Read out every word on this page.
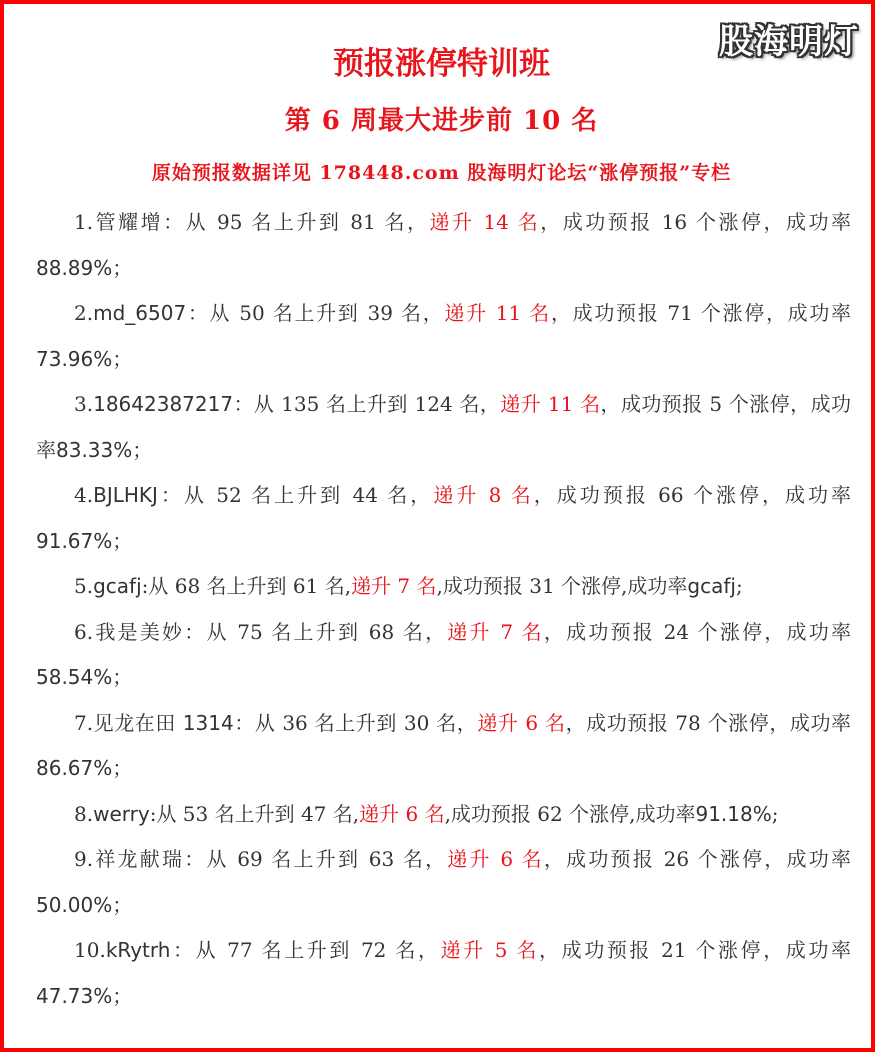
股海明灯
预报涨停特训班
第 6 周最大进步前 10 名
原始预报数据详见 178448.com 股海明灯论坛“涨停预报”专栏

1.管耀增：从 95 名上升到 81 名，递升 14 名，成功预报 16 个涨停，成功率88.89%；

2.md_6507：从 50 名上升到 39 名，递升 11 名，成功预报 71 个涨停，成功率73.96%；

3.18642387217：从 135 名上升到 124 名，递升 11 名，成功预报 5 个涨停，成功率83.33%；

4.BJLHKJ：从 52 名上升到 44 名，递升 8 名，成功预报 66 个涨停，成功率91.67%；

5.gcafj:从 68 名上升到 61 名,递升 7 名,成功预报 31 个涨停,成功率gcafj;

6.我是美妙：从 75 名上升到 68 名，递升 7 名，成功预报 24 个涨停，成功率58.54%；

7.见龙在田 1314：从 36 名上升到 30 名，递升 6 名，成功预报 78 个涨停，成功率86.67%；

8.werry:从 53 名上升到 47 名,递升 6 名,成功预报 62 个涨停,成功率91.18%;

9.祥龙献瑞：从 69 名上升到 63 名，递升 6 名，成功预报 26 个涨停，成功率50.00%；

10.kRytrh：从 77 名上升到 72 名，递升 5 名，成功预报 21 个涨停，成功率47.73%；
